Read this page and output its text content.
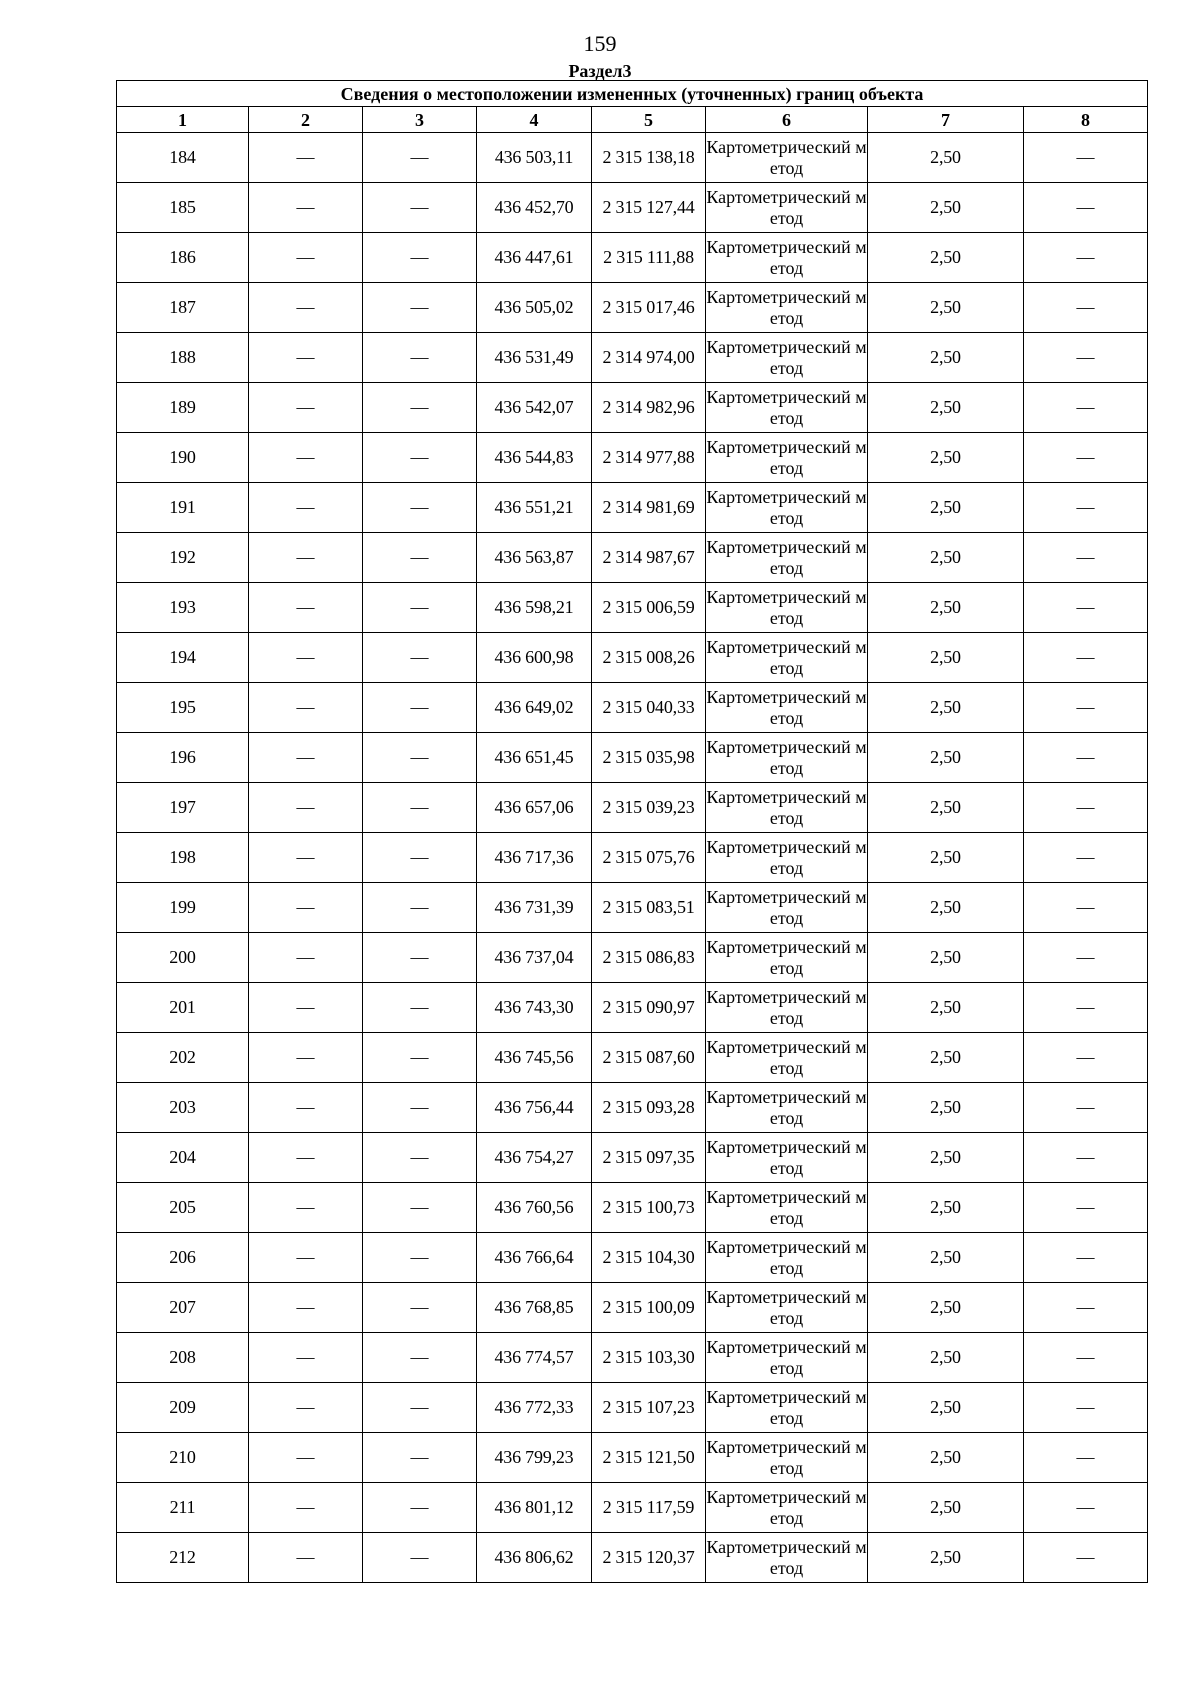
159
Раздел3
Сведения о местоположении измененных (уточненных) границ объекта							
1	2	3	4	5	6	7	8
184	—	—	436 503,11	2 315 138,18	Картометрический метод	2,50	—
185	—	—	436 452,70	2 315 127,44	Картометрический метод	2,50	—
186	—	—	436 447,61	2 315 111,88	Картометрический метод	2,50	—
187	—	—	436 505,02	2 315 017,46	Картометрический метод	2,50	—
188	—	—	436 531,49	2 314 974,00	Картометрический метод	2,50	—
189	—	—	436 542,07	2 314 982,96	Картометрический метод	2,50	—
190	—	—	436 544,83	2 314 977,88	Картометрический метод	2,50	—
191	—	—	436 551,21	2 314 981,69	Картометрический метод	2,50	—
192	—	—	436 563,87	2 314 987,67	Картометрический метод	2,50	—
193	—	—	436 598,21	2 315 006,59	Картометрический метод	2,50	—
194	—	—	436 600,98	2 315 008,26	Картометрический метод	2,50	—
195	—	—	436 649,02	2 315 040,33	Картометрический метод	2,50	—
196	—	—	436 651,45	2 315 035,98	Картометрический метод	2,50	—
197	—	—	436 657,06	2 315 039,23	Картометрический метод	2,50	—
198	—	—	436 717,36	2 315 075,76	Картометрический метод	2,50	—
199	—	—	436 731,39	2 315 083,51	Картометрический метод	2,50	—
200	—	—	436 737,04	2 315 086,83	Картометрический метод	2,50	—
201	—	—	436 743,30	2 315 090,97	Картометрический метод	2,50	—
202	—	—	436 745,56	2 315 087,60	Картометрический метод	2,50	—
203	—	—	436 756,44	2 315 093,28	Картометрический метод	2,50	—
204	—	—	436 754,27	2 315 097,35	Картометрический метод	2,50	—
205	—	—	436 760,56	2 315 100,73	Картометрический метод	2,50	—
206	—	—	436 766,64	2 315 104,30	Картометрический метод	2,50	—
207	—	—	436 768,85	2 315 100,09	Картометрический метод	2,50	—
208	—	—	436 774,57	2 315 103,30	Картометрический метод	2,50	—
209	—	—	436 772,33	2 315 107,23	Картометрический метод	2,50	—
210	—	—	436 799,23	2 315 121,50	Картометрический метод	2,50	—
211	—	—	436 801,12	2 315 117,59	Картометрический метод	2,50	—
212	—	—	436 806,62	2 315 120,37	Картометрический метод	2,50	—
